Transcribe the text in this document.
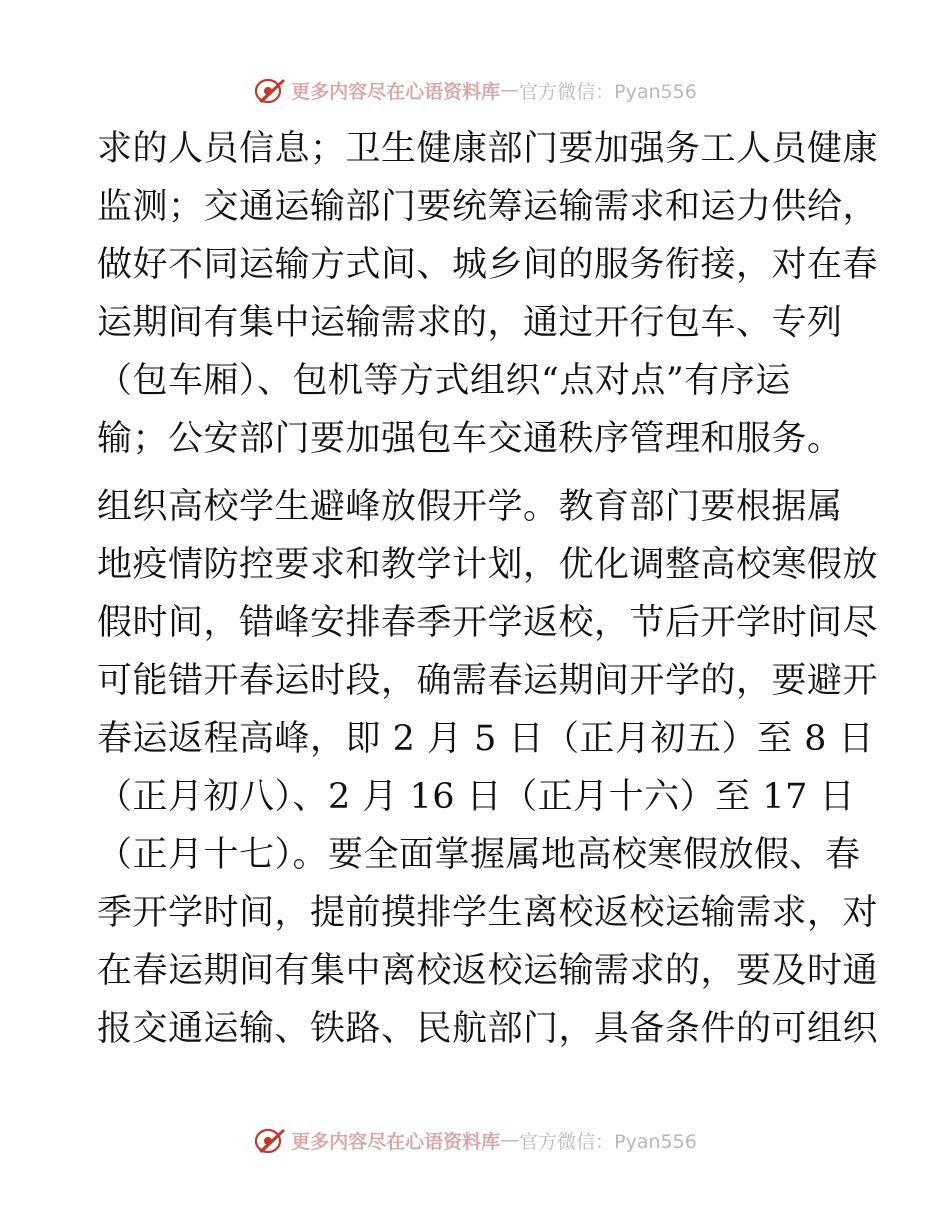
更多内容尽在心语资料库 — 官方微信：Pyan556
求的人员信息；卫生健康部门要加强务工人员健康
监测；交通运输部门要统筹运输需求和运力供给，
做好不同运输方式间、城乡间的服务衔接，对在春
运期间有集中运输需求的，通过开行包车、专列
（包车厢）、包机等方式组织“点对点”有序运
输；公安部门要加强包车交通秩序管理和服务。
组织高校学生避峰放假开学。教育部门要根据属
地疫情防控要求和教学计划，优化调整高校寒假放
假时间，错峰安排春季开学返校，节后开学时间尽
可能错开春运时段，确需春运期间开学的，要避开
春运返程高峰，即 2 月 5 日（正月初五）至 8 日
（正月初八）、2 月 16 日（正月十六）至 17 日
（正月十七）。要全面掌握属地高校寒假放假、春
季开学时间，提前摸排学生离校返校运输需求，对
在春运期间有集中离校返校运输需求的，要及时通
报交通运输、铁路、民航部门，具备条件的可组织
更多内容尽在心语资料库 — 官方微信：Pyan556
